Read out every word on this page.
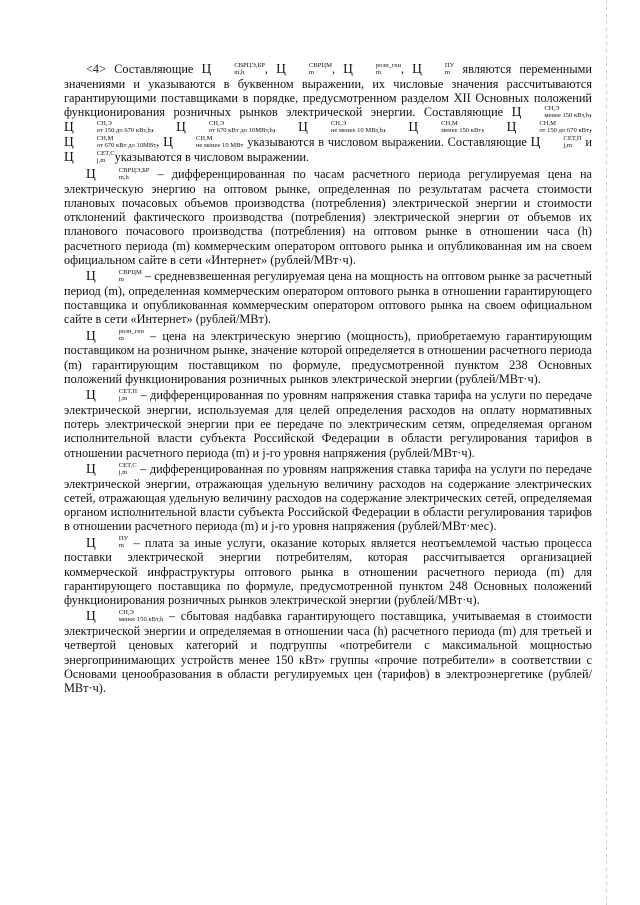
<4> Составляющие Ц	СВРЦЭ,БР
m,h	, Ц	СВРЦМ
m	, Ц	розн_ген
m	, Ц	ПУ
m являются переменными значениями и указываются в буквенном выражении, их числовые значения рассчитываются гарантирующими поставщиками в порядке, предусмотренном разделом XII Основных положений функционирования розничных рынков электрической энергии. Составляющие Ц	СН,Э
менее 150 кВт,h , Ц	СН,Э
от 150 до 670 кВт,h , Ц	СН,Э
от 670 кВт до 10МВт,h , Ц	СН,Э
не менее 10 МВт,h , Ц	СН,М
менее 150 кВт , Ц	СН,М
от 150 до 670 кВт , Ц	СН,М
от 670 кВт до 10МВт , Ц	СН,М
не менее 10 МВт указываются в числовом выражении. Составляющие Ц	СЕТ,П
j,m и Ц	СЕТ,С
j,m указываются в числовом выражении.

Ц	СВРЦЭ,БР
m,h	– дифференцированная по часам расчетного периода регулируемая цена на электрическую энергию на оптовом рынке, определенная по результатам расчета стоимости плановых почасовых объемов производства (потребления) электрической энергии и стоимости отклонений фактического производства (потребления) электрической энергии от объемов их планового почасового производства (потребления) на оптовом рынке в отношении часа (h) расчетного периода (m) коммерческим оператором оптового рынка и опубликованная им на своем официальном сайте в сети «Интернет» (рублей/МВт·ч).

Ц	СВРЦМ
m	– средневзвешенная регулируемая цена на мощность на оптовом рынке за расчетный период (m), определенная коммерческим оператором оптового рынка в отношении гарантирующего поставщика и опубликованная коммерческим оператором оптового рынка на своем официальном сайте в сети «Интернет» (рублей/МВт).

Ц	розн_ген
m	– цена на электрическую энергию (мощность), приобретаемую гарантирующим поставщиком на розничном рынке, значение которой определяется в отношении расчетного периода (m) гарантирующим поставщиком по формуле, предусмотренной пунктом 238 Основных положений функционирования розничных рынков электрической энергии (рублей/МВт·ч).

Ц	СЕТ,П
j,m – дифференцированная по уровням напряжения ставка тарифа на услуги по передаче электрической энергии, используемая для целей определения расходов на оплату нормативных потерь электрической энергии при ее передаче по электрическим сетям, определяемая органом исполнительной власти субъекта Российской Федерации в области регулирования тарифов в отношении расчетного периода (m) и j-го уровня напряжения (рублей/МВт·ч).

Ц	СЕТ,С
j,m – дифференцированная по уровням напряжения ставка тарифа на услуги по передаче электрической энергии, отражающая удельную величину расходов на содержание электрических сетей, отражающая удельную величину расходов на содержание электрических сетей, определяемая органом исполнительной власти субъекта Российской Федерации в области регулирования тарифов в отношении расчетного периода (m) и j-го уровня напряжения (рублей/МВт·мес).

Ц	ПУ
m – плата за иные услуги, оказание которых является неотъемлемой частью процесса поставки электрической энергии потребителям, которая рассчитывается организацией коммерческой инфраструктуры оптового рынка в отношении расчетного периода (m) для гарантирующего поставщика по формуле, предусмотренной пунктом 248 Основных положений функционирования розничных рынков электрической энергии (рублей/МВт·ч).

Ц	СН,Э
менее 150 кВт,h – сбытовая надбавка гарантирующего поставщика, учитываемая в стоимости электрической энергии и определяемая в отношении часа (h) расчетного периода (m) для третьей и четвертой ценовых категорий и подгруппы «потребители с максимальной мощностью энергопринимающих устройств менее 150 кВт» группы «прочие потребители» в соответствии с Основами ценообразования в области регулируемых цен (тарифов) в электроэнергетике (рублей/МВт·ч).
